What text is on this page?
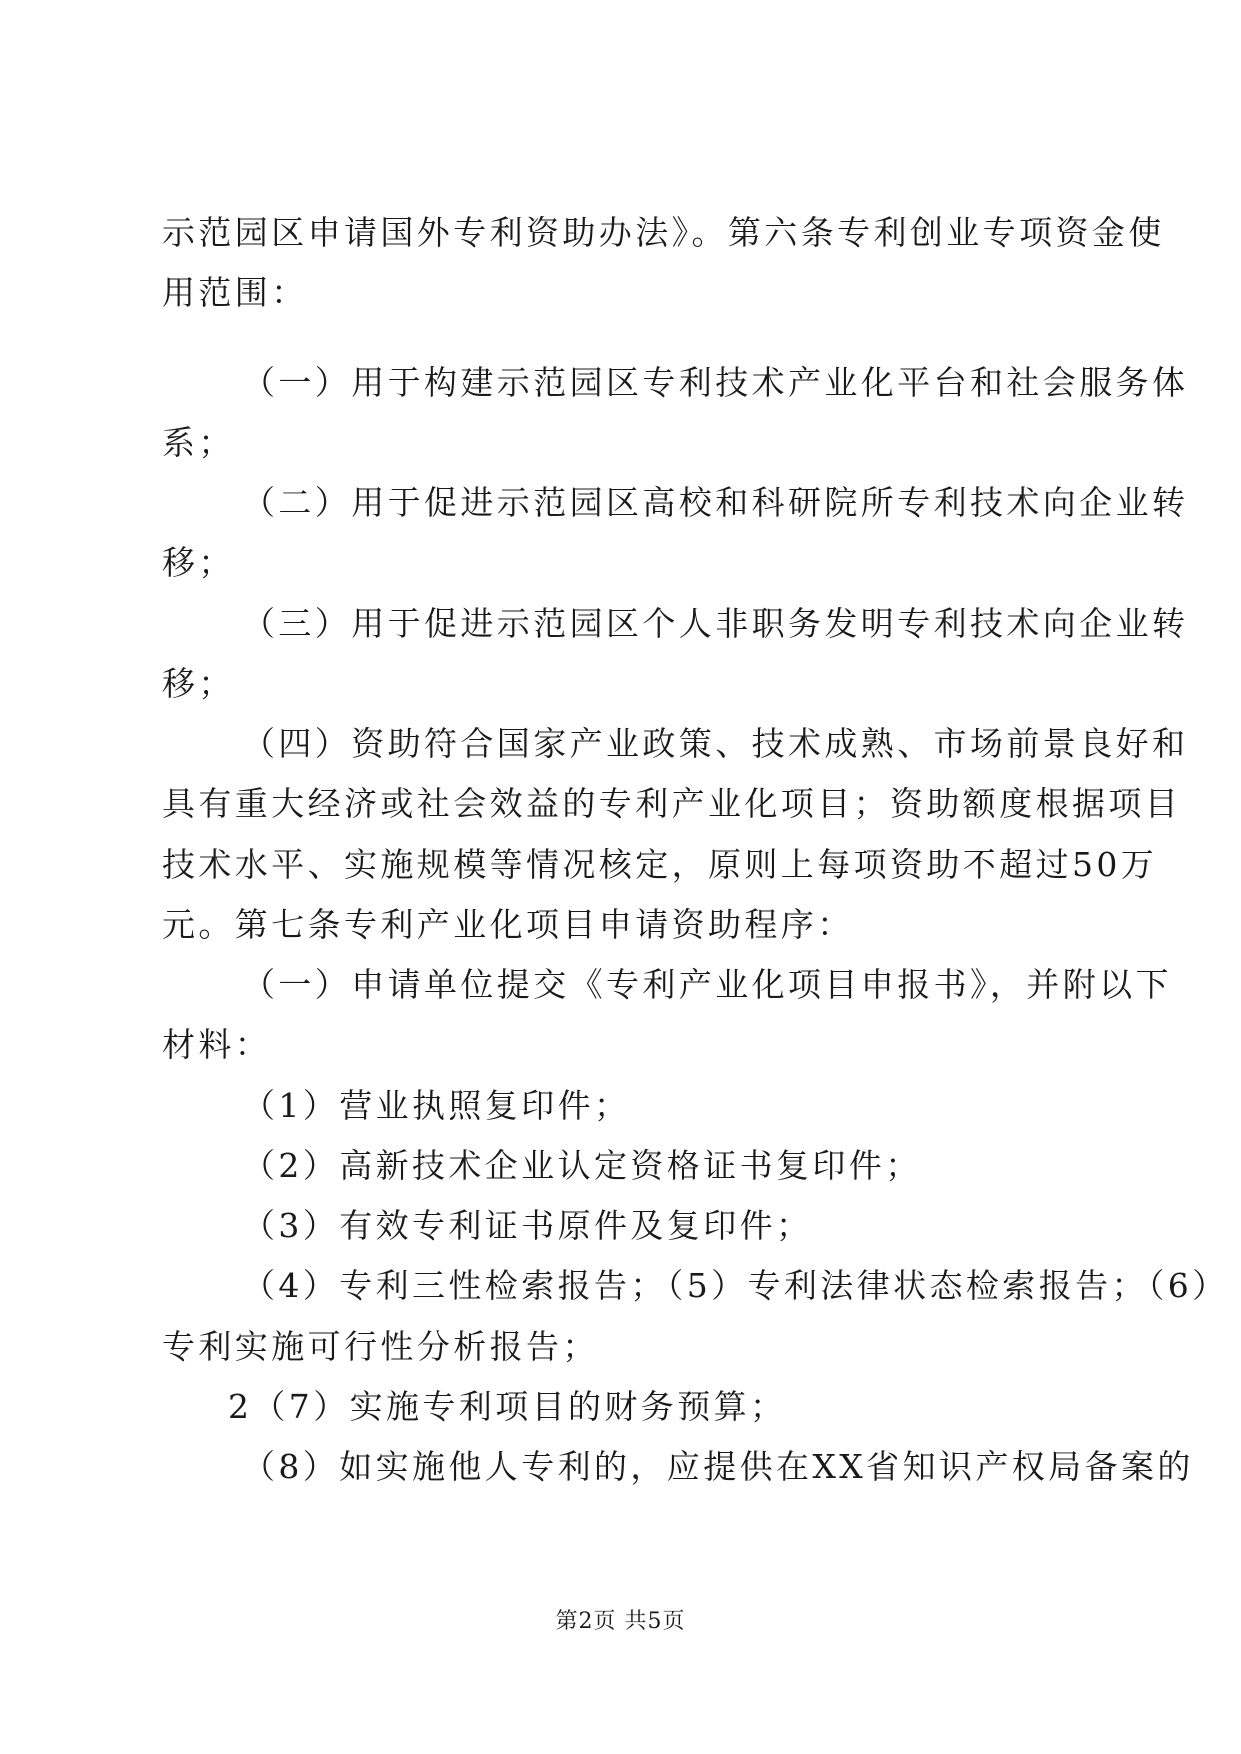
示范园区申请国外专利资助办法》。第六条专利创业专项资金使
用范围：
（一）用于构建示范园区专利技术产业化平台和社会服务体
系；
（二）用于促进示范园区高校和科研院所专利技术向企业转
移；
（三）用于促进示范园区个人非职务发明专利技术向企业转
移；
（四）资助符合国家产业政策、技术成熟、市场前景良好和
具有重大经济或社会效益的专利产业化项目；资助额度根据项目
技术水平、实施规模等情况核定，原则上每项资助不超过50万
元。第七条专利产业化项目申请资助程序：
（一）申请单位提交《专利产业化项目申报书》，并附以下
材料：
（1）营业执照复印件；
（2）高新技术企业认定资格证书复印件；
（3）有效专利证书原件及复印件；
（4）专利三性检索报告；（5）专利法律状态检索报告；（6）
专利实施可行性分析报告；
2（7）实施专利项目的财务预算；
（8）如实施他人专利的，应提供在XX省知识产权局备案的
第2页 共5页
